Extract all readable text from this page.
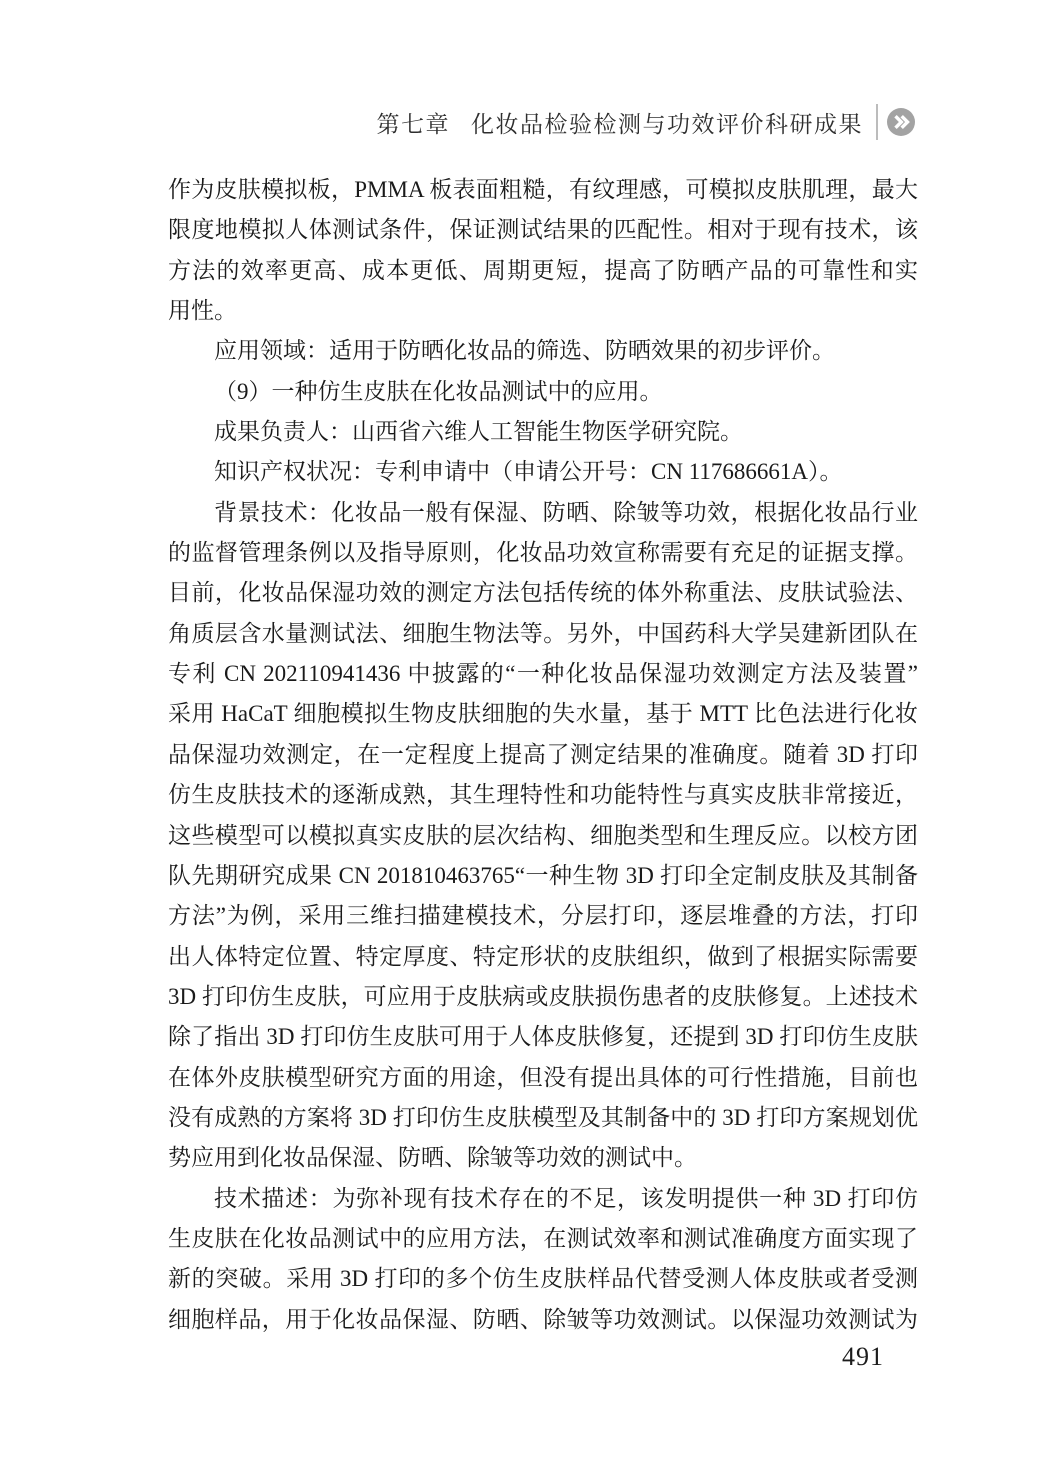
第七章 化妆品检验检测与功效评价科研成果
作为皮肤模拟板，PMMA 板表面粗糙，有纹理感，可模拟皮肤肌理，最大
限度地模拟人体测试条件，保证测试结果的匹配性。相对于现有技术，该
方法的效率更高、成本更低、周期更短，提高了防晒产品的可靠性和实
用性。
应用领域：适用于防晒化妆品的筛选、防晒效果的初步评价。
（9）一种仿生皮肤在化妆品测试中的应用。
成果负责人：山西省六维人工智能生物医学研究院。
知识产权状况：专利申请中（申请公开号：CN 117686661A）。
背景技术：化妆品一般有保湿、防晒、除皱等功效，根据化妆品行业
的监督管理条例以及指导原则，化妆品功效宣称需要有充足的证据支撑。
目前，化妆品保湿功效的测定方法包括传统的体外称重法、皮肤试验法、
角质层含水量测试法、细胞生物法等。另外，中国药科大学吴建新团队在
专利 CN 202110941436 中披露的“一种化妆品保湿功效测定方法及装置”
采用 HaCaT 细胞模拟生物皮肤细胞的失水量，基于 MTT 比色法进行化妆
品保湿功效测定，在一定程度上提高了测定结果的准确度。随着 3D 打印
仿生皮肤技术的逐渐成熟，其生理特性和功能特性与真实皮肤非常接近，
这些模型可以模拟真实皮肤的层次结构、细胞类型和生理反应。以校方团
队先期研究成果 CN 201810463765“一种生物 3D 打印全定制皮肤及其制备
方法”为例，采用三维扫描建模技术，分层打印，逐层堆叠的方法，打印
出人体特定位置、特定厚度、特定形状的皮肤组织，做到了根据实际需要
3D 打印仿生皮肤，可应用于皮肤病或皮肤损伤患者的皮肤修复。上述技术
除了指出 3D 打印仿生皮肤可用于人体皮肤修复，还提到 3D 打印仿生皮肤
在体外皮肤模型研究方面的用途，但没有提出具体的可行性措施，目前也
没有成熟的方案将 3D 打印仿生皮肤模型及其制备中的 3D 打印方案规划优
势应用到化妆品保湿、防晒、除皱等功效的测试中。
技术描述：为弥补现有技术存在的不足，该发明提供一种 3D 打印仿
生皮肤在化妆品测试中的应用方法，在测试效率和测试准确度方面实现了
新的突破。采用 3D 打印的多个仿生皮肤样品代替受测人体皮肤或者受测
细胞样品，用于化妆品保湿、防晒、除皱等功效测试。以保湿功效测试为
491
